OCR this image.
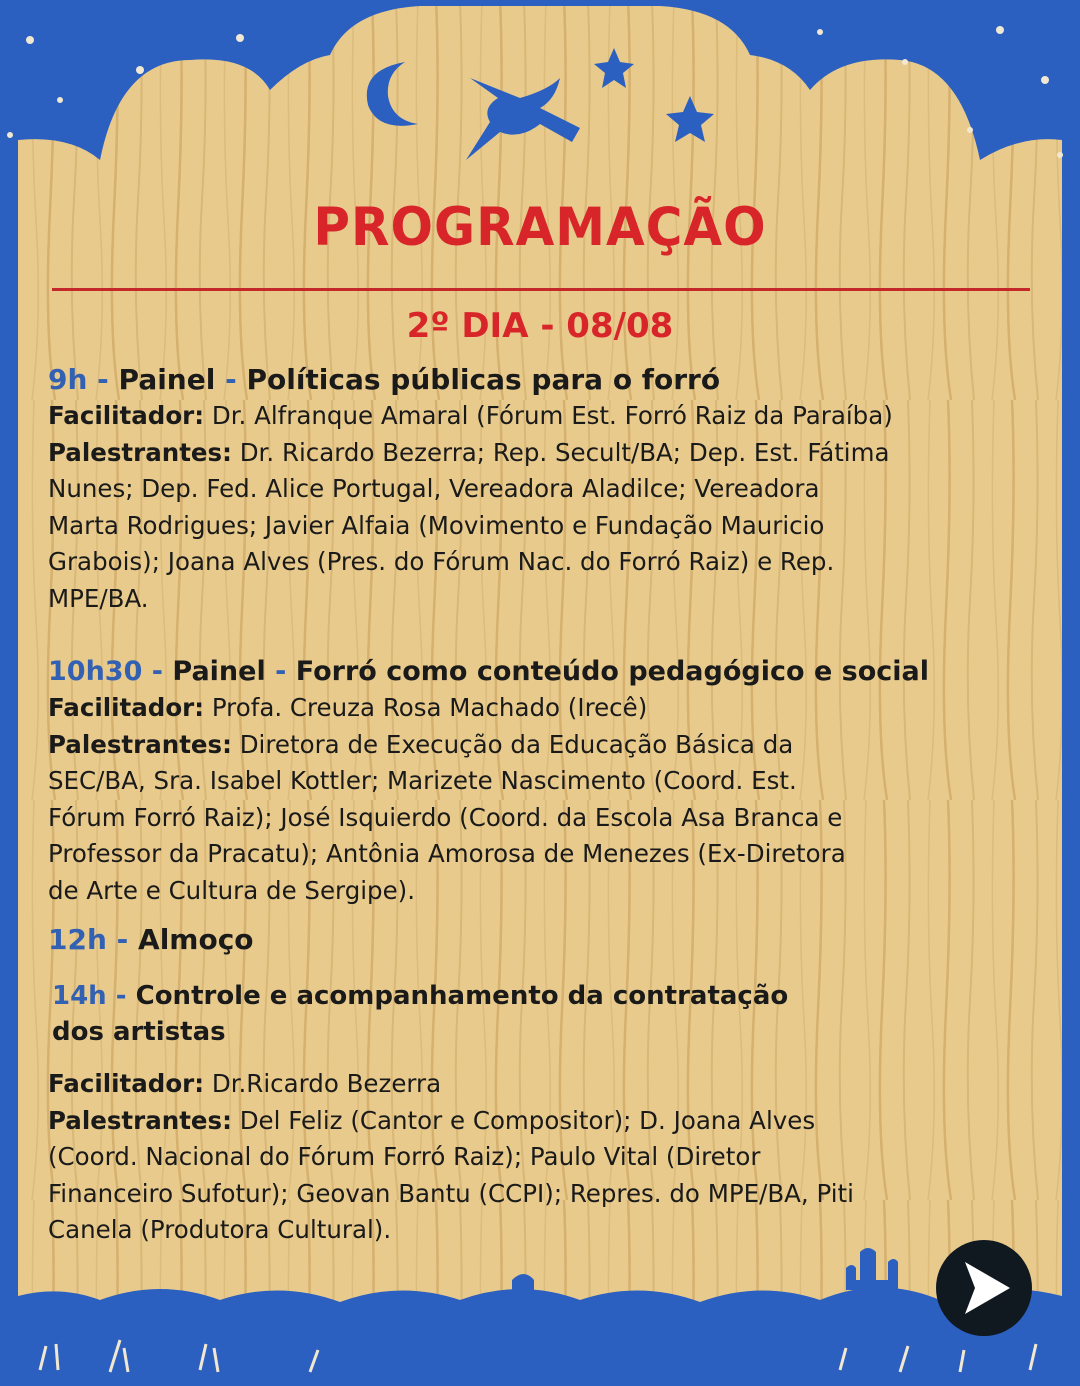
PROGRAMAÇÃO
2º DIA - 08/08
9h - Painel - Políticas públicas para o forró
Facilitador: Dr. Alfranque Amaral (Fórum Est. Forró Raiz da Paraíba)
Palestrantes: Dr. Ricardo Bezerra; Rep. Secult/BA; Dep. Est. Fátima
Nunes; Dep. Fed. Alice Portugal, Vereadora Aladilce; Vereadora
Marta Rodrigues; Javier Alfaia (Movimento e Fundação Mauricio
Grabois); Joana Alves (Pres. do Fórum Nac. do Forró Raiz) e Rep.
MPE/BA.
10h30 - Painel - Forró como conteúdo pedagógico e social
Facilitador: Profa. Creuza Rosa Machado (Irecê)
Palestrantes: Diretora de Execução da Educação Básica da
SEC/BA, Sra. Isabel Kottler; Marizete Nascimento (Coord. Est.
Fórum Forró Raiz); José Isquierdo (Coord. da Escola Asa Branca e
Professor da Pracatu); Antônia Amorosa de Menezes (Ex-Diretora
de Arte e Cultura de Sergipe).
12h - Almoço
14h - Controle e acompanhamento da contratação
dos artistas
Facilitador: Dr.Ricardo Bezerra
Palestrantes: Del Feliz (Cantor e Compositor); D. Joana Alves
(Coord. Nacional do Fórum Forró Raiz); Paulo Vital (Diretor
Financeiro Sufotur); Geovan Bantu (CCPI); Repres. do MPE/BA, Piti
Canela (Produtora Cultural).
